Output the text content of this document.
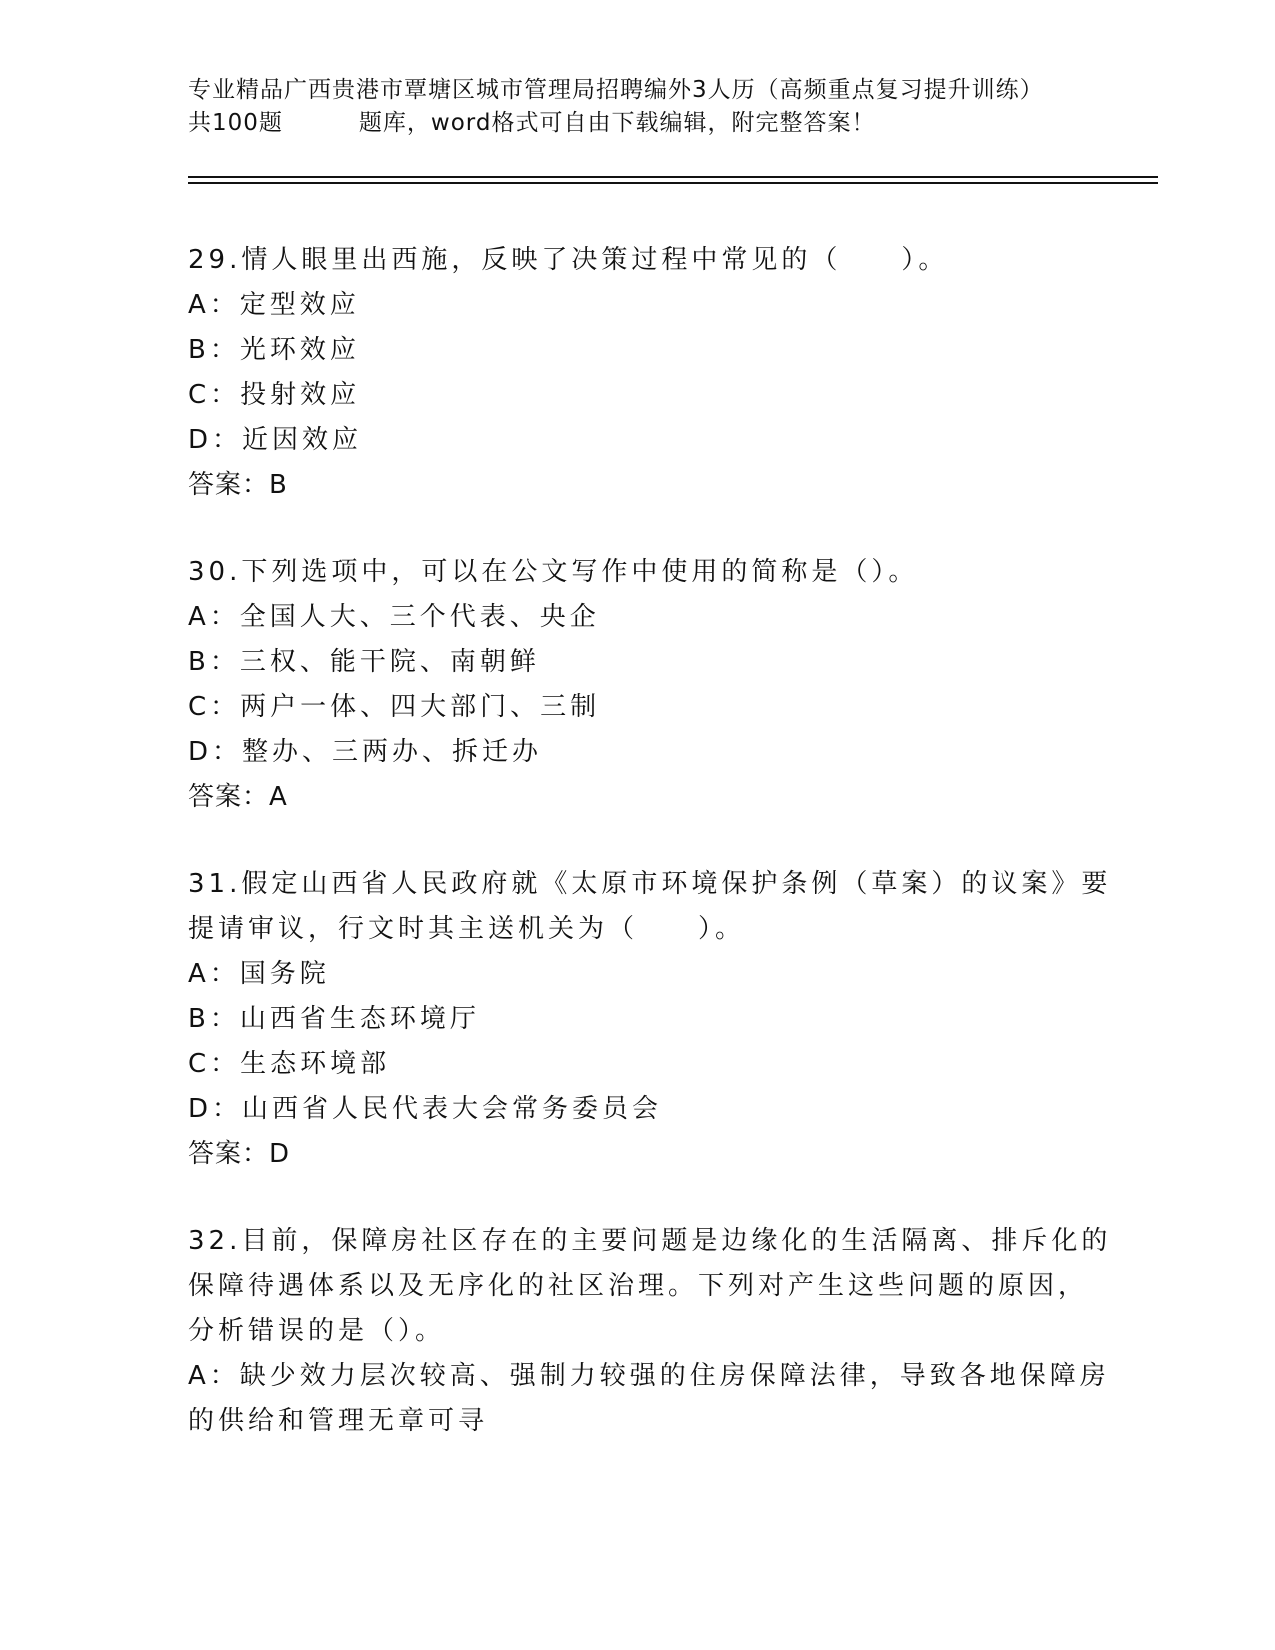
专业精品广西贵港市覃塘区城市管理局招聘编外3人历（高频重点复习提升训练）
共100题	题库，word格式可自由下载编辑，附完整答案！
29.情人眼里出西施，反映了决策过程中常见的（　　）。
A：定型效应
B：光环效应
C：投射效应
D：近因效应
答案：B
30.下列选项中，可以在公文写作中使用的简称是（）。
A：全国人大、三个代表、央企
B：三权、能干院、南朝鲜
C：两户一体、四大部门、三制
D：整办、三两办、拆迁办
答案：A
31.假定山西省人民政府就《太原市环境保护条例（草案）的议案》要
提请审议，行文时其主送机关为（　　）。
A：国务院
B：山西省生态环境厅
C：生态环境部
D：山西省人民代表大会常务委员会
答案：D
32.目前，保障房社区存在的主要问题是边缘化的生活隔离、排斥化的
保障待遇体系以及无序化的社区治理。下列对产生这些问题的原因，
分析错误的是（）。
A：缺少效力层次较高、强制力较强的住房保障法律，导致各地保障房
的供给和管理无章可寻
